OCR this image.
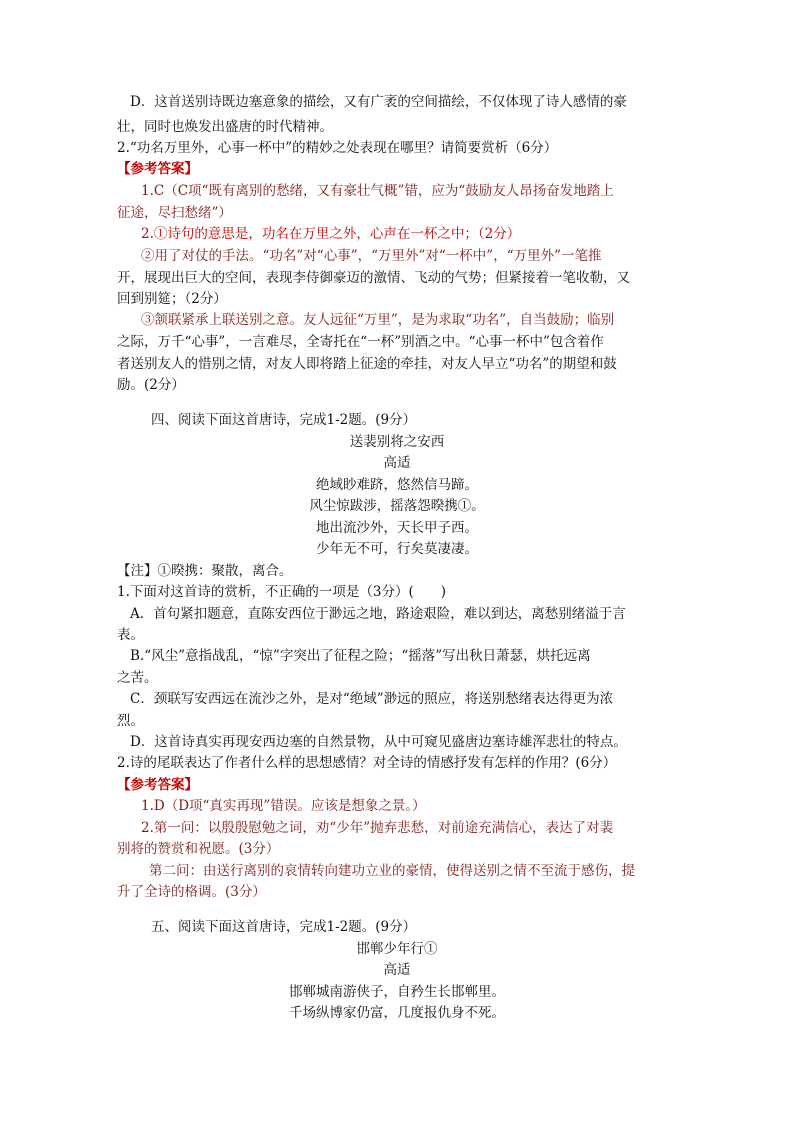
D．这首送别诗既边塞意象的描绘，又有广袤的空间描绘，不仅体现了诗人感情的豪
壮，同时也焕发出盛唐的时代精神。
2.“功名万里外，心事一杯中”的精妙之处表现在哪里？请简要赏析（6分）
【参考答案】
1.C（C项“既有离别的愁绪，又有豪壮气概”错，应为“鼓励友人昂扬奋发地踏上
征途，尽扫愁绪”）
2.①诗句的意思是，功名在万里之外，心声在一杯之中；（2分）
②用了对仗的手法。“功名”对“心事”，“万里外”对“一杯中”，“万里外”一笔推
开，展现出巨大的空间，表现李侍御豪迈的激情、飞动的气势；但紧接着一笔收勒，又
回到别筵；（2分）
③颔联紧承上联送别之意。友人远征“万里”，是为求取“功名”，自当鼓励；临别
之际，万千“心事”，一言难尽，全寄托在“一杯”别酒之中。“心事一杯中”包含着作
者送别友人的惜别之情，对友人即将踏上征途的牵挂，对友人早立“功名”的期望和鼓
励。(2分）
四、阅读下面这首唐诗，完成1-2题。(9分）
送裴别将之安西
高适
绝域眇难跻，悠然信马蹄。
风尘惊跋涉，摇落怨暌携①。
地出流沙外，天长甲子西。
少年无不可，行矣莫凄凄。
【注】①暌携：聚散，离合。
1.下面对这首诗的赏析，不正确的一项是（3分）(　　)
A．首句紧扣题意，直陈安西位于渺远之地，路途艰险，难以到达，离愁别绪溢于言
表。
B.“风尘”意指战乱，“惊”字突出了征程之险；“摇落”写出秋日萧瑟，烘托远离
之苦。
C．颈联写安西远在流沙之外，是对“绝域”渺远的照应，将送别愁绪表达得更为浓
烈。
D．这首诗真实再现安西边塞的自然景物，从中可窥见盛唐边塞诗雄浑悲壮的特点。
2.诗的尾联表达了作者什么样的思想感情？对全诗的情感抒发有怎样的作用？(6分）
【参考答案】
1.D（D项“真实再现”错误。应该是想象之景。）
2.第一问：以殷殷慰勉之词，劝“少年”抛弃悲愁，对前途充满信心，表达了对裴
别将的赞赏和祝愿。(3分）
第二问：由送行离别的哀情转向建功立业的豪情，使得送别之情不至流于感伤，提
升了全诗的格调。(3分）
五、阅读下面这首唐诗，完成1-2题。(9分）
邯郸少年行①
高适
邯郸城南游侠子，自矜生长邯郸里。
千场纵博家仍富，几度报仇身不死。
